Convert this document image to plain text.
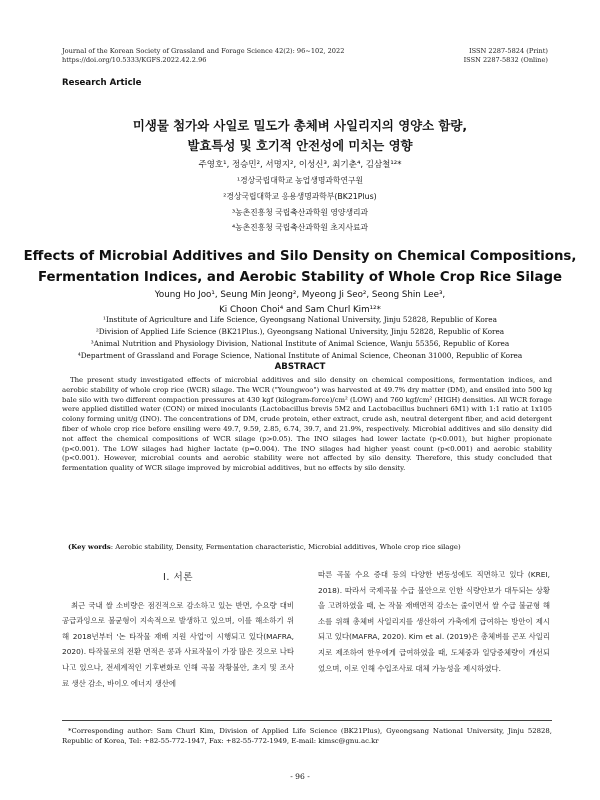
Journal of the Korean Society of Grassland and Forage Science 42(2): 96~102, 2022
https://doi.org/10.5333/KGFS.2022.42.2.96
ISSN 2287-5824 (Print)
ISSN 2287-5832 (Online)
Research Article
미생물 첨가와 사일로 밀도가 총체벼 사일리지의 영양소 함량,
발효특성 및 호기적 안전성에 미치는 영향
주영호¹, 정승민², 서명지², 이성신³, 최기춘⁴, 김삼철¹²*
¹경상국립대학교 농업생명과학연구원
²경상국립대학교 응용생명과학부(BK21Plus)
³농촌진흥청 국립축산과학원 영양생리과
⁴농촌진흥청 국립축산과학원 초지사료과
Effects of Microbial Additives and Silo Density on Chemical Compositions,
Fermentation Indices, and Aerobic Stability of Whole Crop Rice Silage
Young Ho Joo¹, Seung Min Jeong², Myeong Ji Seo², Seong Shin Lee³,
Ki Choon Choi⁴ and Sam Churl Kim¹²*
¹Institute of Agriculture and Life Science, Gyeongsang National University, Jinju 52828, Republic of Korea
²Division of Applied Life Science (BK21Plus.), Gyeongsang National University, Jinju 52828, Republic of Korea
³Animal Nutrition and Physiology Division, National Institute of Animal Science, Wanju 55356, Republic of Korea
⁴Department of Grassland and Forage Science, National Institute of Animal Science, Cheonan 31000, Republic of Korea
ABSTRACT
The present study investigated effects of microbial additives and silo density on chemical compositions, fermentation indices, and aerobic stability of whole crop rice (WCR) silage. The WCR ("Youngwoo") was harvested at 49.7% dry matter (DM), and ensiled into 500 kg bale silo with two different compaction pressures at 430 kgf (kilogram-force)/cm² (LOW) and 760 kgf/cm² (HIGH) densities. All WCR forage were applied distilled water (CON) or mixed inoculants (Lactobacillus brevis 5M2 and Lactobacillus buchneri 6M1) with 1:1 ratio at 1x105 colony forming unit/g (INO). The concentrations of DM, crude protein, ether extract, crude ash, neutral detergent fiber, and acid detergent fiber of whole crop rice before ensiling were 49.7, 9.59, 2.85, 6.74, 39.7, and 21.9%, respectively. Microbial additives and silo density did not affect the chemical compositions of WCR silage (p>0.05). The INO silages had lower lactate (p<0.001), but higher propionate (p<0.001). The LOW silages had higher lactate (p=0.004). The INO silages had higher yeast count (p<0.001) and aerobic stability (p<0.001). However, microbial counts and aerobic stability were not affected by silo density. Therefore, this study concluded that fermentation quality of WCR silage improved by microbial additives, but no effects by silo density.
(Key words: Aerobic stability, Density, Fermentation characteristic, Microbial additives, Whole crop rice silage)
Ⅰ. 서론

최근 국내 쌀 소비량은 점진적으로 감소하고 있는 반면, 수요량 대비 공급과잉으로 불균형이 지속적으로 발생하고 있으며, 이를 해소하기 위해 2018년부터 '논 타작물 재배 지원 사업'이 시행되고 있다(MAFRA, 2020). 타작물로의 전환 면적은 콩과 사료작물이 가장 많은 것으로 나타나고 있으나, 전세계적인 기후변화로 인해 곡물 작황불안, 초지 및 조사료 생산 감소, 바이오 에너지 생산에

따른 곡물 수요 증대 등의 다양한 변동성에도 직면하고 있다 (KREI, 2018). 따라서 국제곡물 수급 불안으로 인한 식량안보가 대두되는 상황을 고려하였을 때, 논 작물 재배면적 감소는 줄이면서 쌀 수급 불균형 해소를 위해 총체벼 사일리지를 생산하여 가축에게 급여하는 방안이 제시되고 있다(MAFRA, 2020). Kim et al. (2019)은 총체벼를 곤포 사일리지로 제조하여 한우에게 급여하였을 때, 도체중과 일당증체량이 개선되었으며, 이로 인해 수입조사료 대체 가능성을 제시하였다.

*Corresponding author: Sam Churl Kim, Division of Applied Life Science (BK21Plus), Gyeongsang National University, Jinju 52828, Republic of Korea, Tel: +82-55-772-1947, Fax: +82-55-772-1949, E-mail: kimsc@gnu.ac.kr
- 96 -
